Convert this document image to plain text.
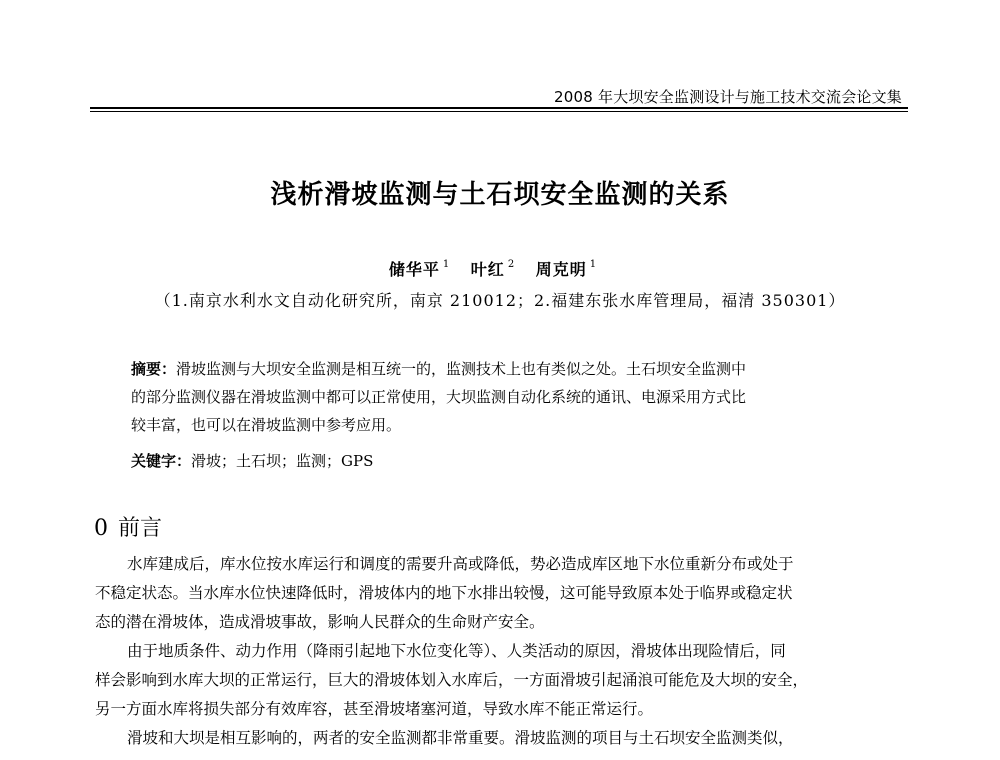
2008 年大坝安全监测设计与施工技术交流会论文集
浅析滑坡监测与土石坝安全监测的关系
储华平 $^1$ 叶红 $^2$ 周克明 $^1$
（1.南京水利水文自动化研究所，南京 210012；2.福建东张水库管理局，福清 350301）
摘要：滑坡监测与大坝安全监测是相互统一的，监测技术上也有类似之处。土石坝安全监测中
的部分监测仪器在滑坡监测中都可以正常使用，大坝监测自动化系统的通讯、电源采用方式比
较丰富，也可以在滑坡监测中参考应用。
关键字：滑坡；土石坝；监测；GPS
0 前言
水库建成后，库水位按水库运行和调度的需要升高或降低，势必造成库区地下水位重新分布或处于
不稳定状态。当水库水位快速降低时，滑坡体内的地下水排出较慢，这可能导致原本处于临界或稳定状
态的潜在滑坡体，造成滑坡事故，影响人民群众的生命财产安全。
由于地质条件、动力作用（降雨引起地下水位变化等）、人类活动的原因，滑坡体出现险情后，同
样会影响到水库大坝的正常运行，巨大的滑坡体划入水库后，一方面滑坡引起涌浪可能危及大坝的安全，
另一方面水库将损失部分有效库容，甚至滑坡堵塞河道，导致水库不能正常运行。
滑坡和大坝是相互影响的，两者的安全监测都非常重要。滑坡监测的项目与土石坝安全监测类似，
